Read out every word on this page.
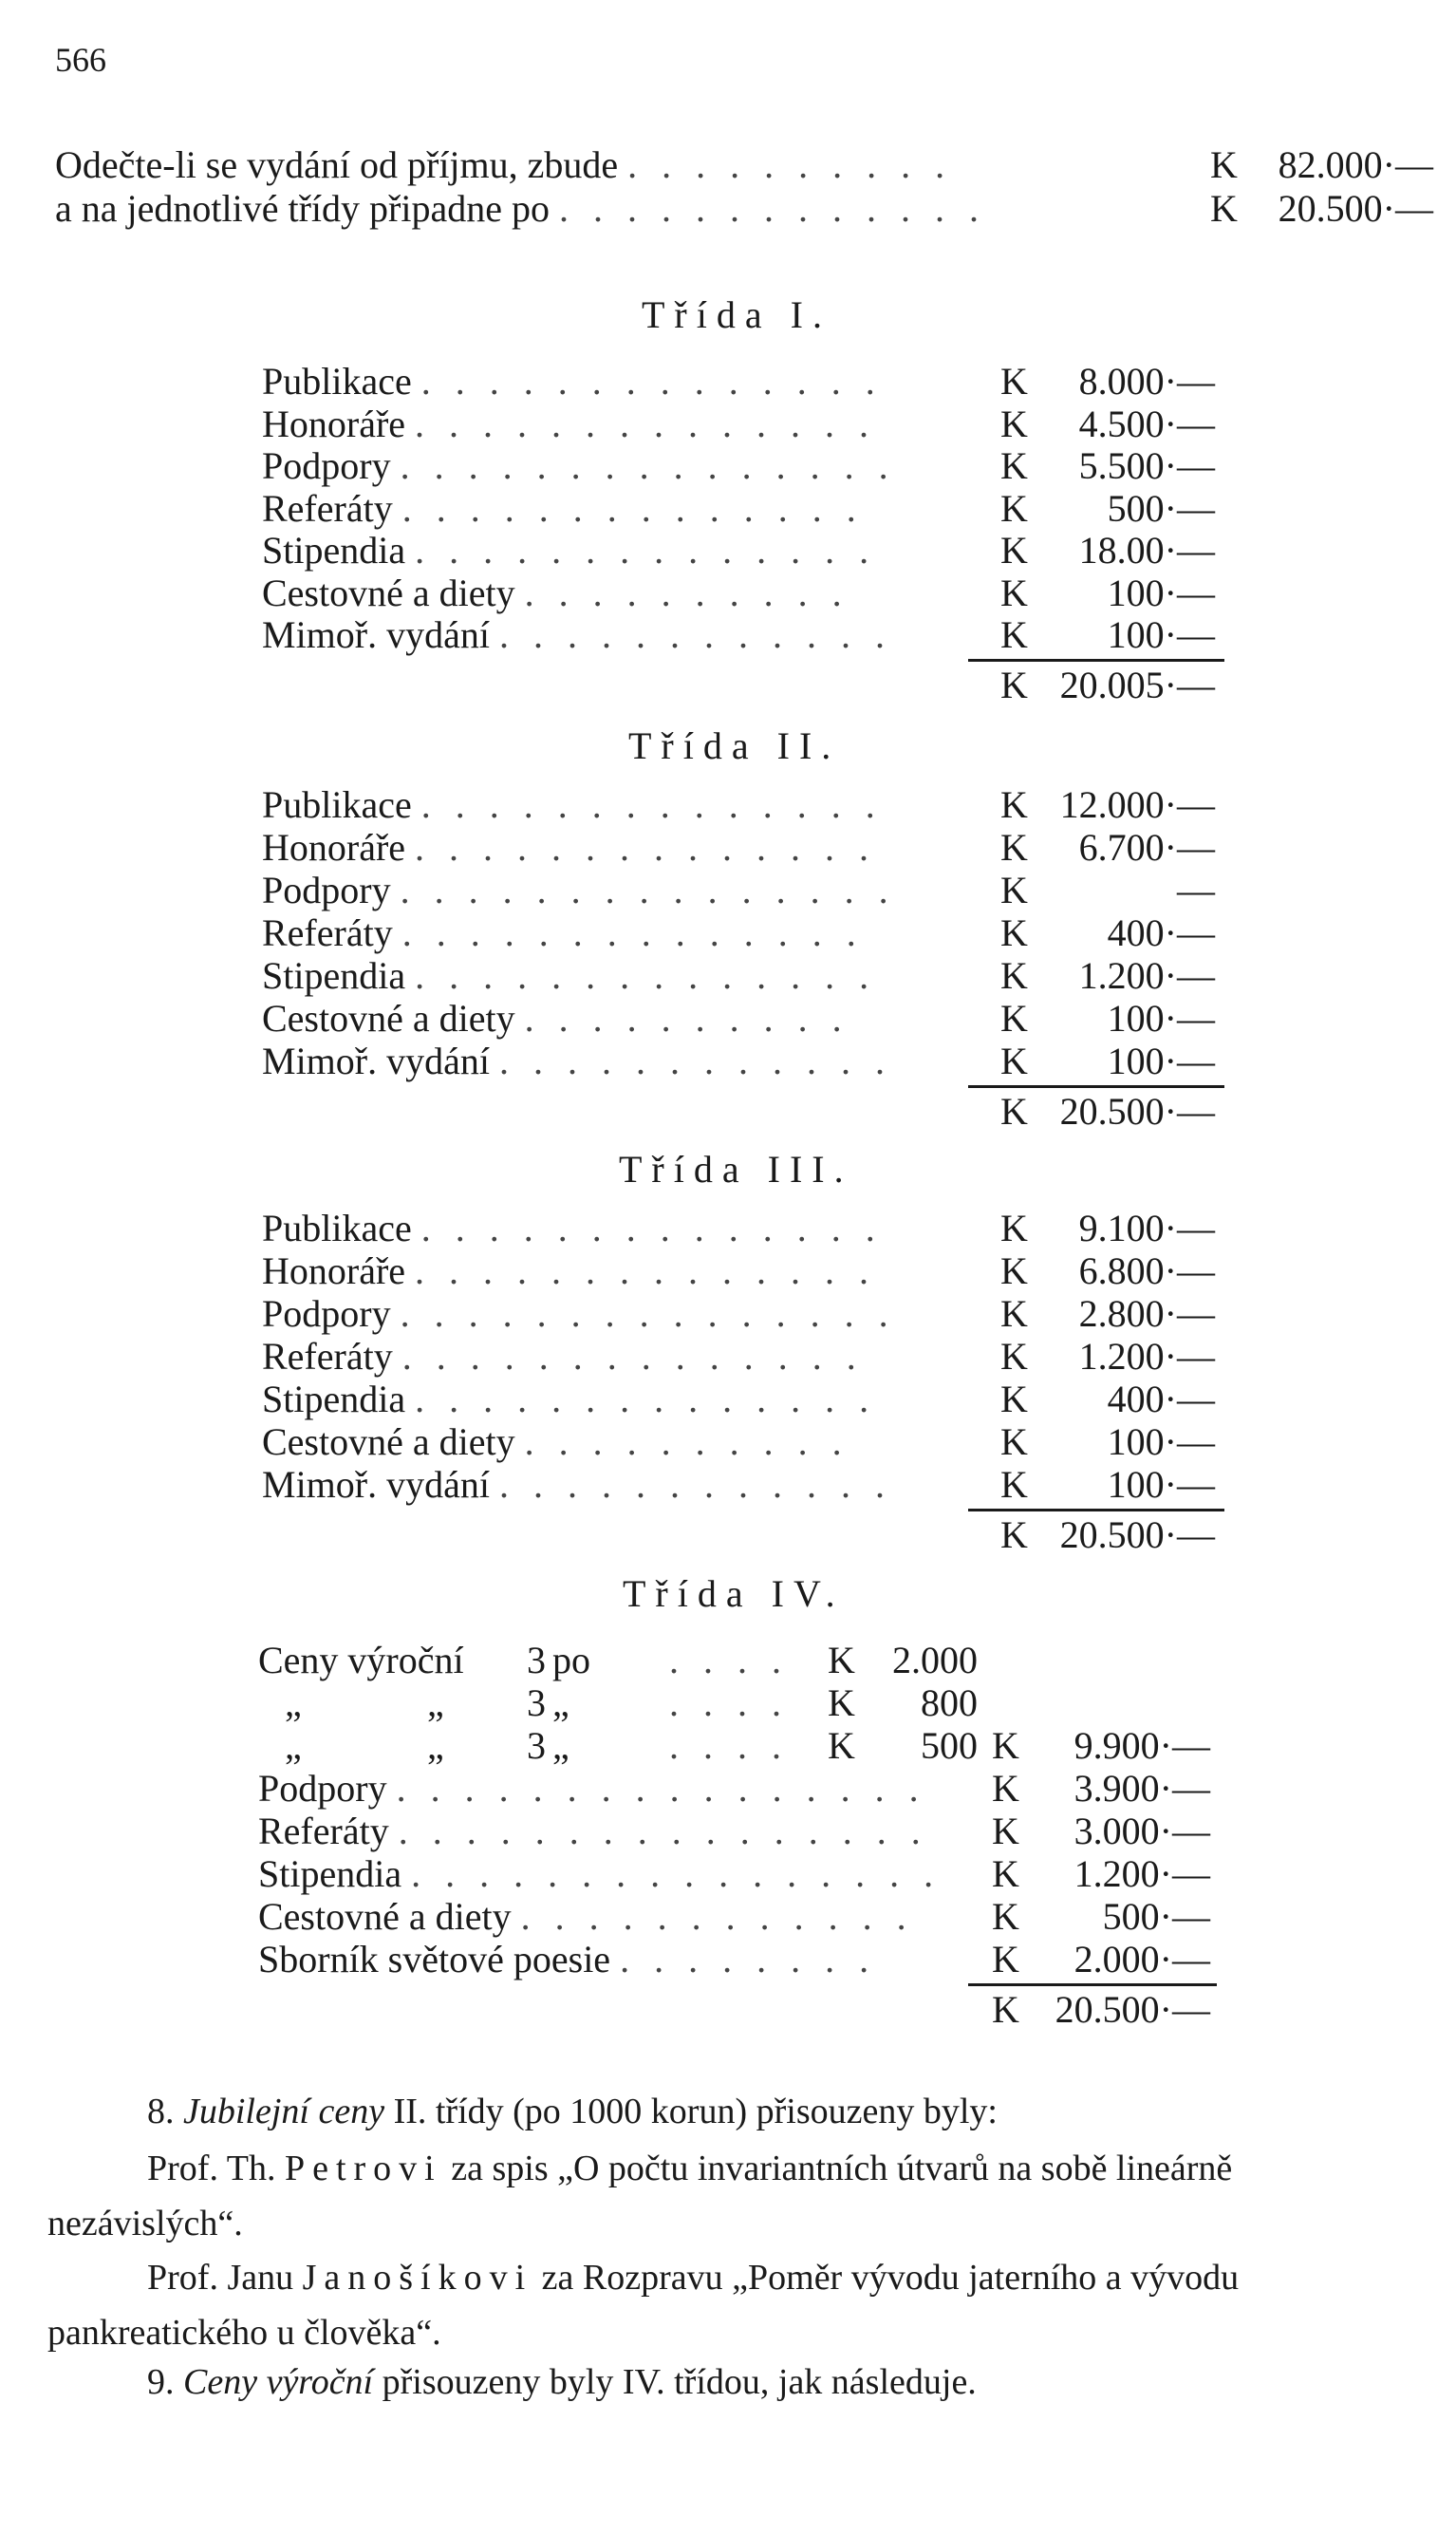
566
Odečte-li se vydání od příjmu, zbude . . . . . . . . . .	K	82.000·—
a na jednotlivé třídy připadne po . . . . . . . . . . . . .	K	20.500·—
Třída I.
Publikace . . . . . . . . . . . . . .	K	8.000·—
Honoráře . . . . . . . . . . . . . .	K	4.500·—
Podpory . . . . . . . . . . . . . . .	K	5.500·—
Referáty . . . . . . . . . . . . . .	K	500·—
Stipendia . . . . . . . . . . . . . .	K	18.00·—
Cestovné a diety . . . . . . . . . .	K	100·—
Mimoř. vydání . . . . . . . . . . . .	K	100·—
K 20.005·—
Třída II.
Publikace . . . . . . . . . . . . . .	K 12.000·—
Honoráře . . . . . . . . . . . . . .	K	6.700·—
Podpory . . . . . . . . . . . . . . .	K	—
Referáty . . . . . . . . . . . . . .	K	400·—
Stipendia . . . . . . . . . . . . . .	K	1.200·—
Cestovné a diety . . . . . . . . . .	K	100·—
Mimoř. vydání . . . . . . . . . . . .	K	100·—
K 20.500·—
Třída III.
Publikace . . . . . . . . . . . . . .	K	9.100·—
Honoráře . . . . . . . . . . . . . .	K	6.800·—
Podpory . . . . . . . . . . . . . . .	K	2.800·—
Referáty . . . . . . . . . . . . . .	K	1.200·—
Stipendia . . . . . . . . . . . . . .	K	400·—
Cestovné a diety . . . . . . . . . .	K	100·—
Mimoř. vydání . . . . . . . . . . . .	K	100·—
K 20.500·—
Třída IV.
Ceny výroční 3 po . . . . K 2.000
„	„ 3 „	. . . . K	800
„	„ 3 „	. . . . K	500 K	9.900·—
Podpory . . . . . . . . . . . . . . . . K	3.900·—
Referáty . . . . . . . . . . . . . . . . K	3.000·—
Stipendia . . . . . . . . . . . . . . . . K	1.200·—
Cestovné a diety . . . . . . . . . . . . K	500·—
Sborník světové poesie . . . . . . . .	K	2.000·—
K 20.500·—
8. Jubilejní ceny II. třídy (po 1000 korun) přisouzeny byly:
Prof. Th. Petrovi za spis „O počtu invariantních útvarů na sobě lineárně nezávislých“.
Prof. Janu Janošíkovi za Rozpravu „Poměr vývodu jaterního a vývodu pankreatického u člověka“.
9. Ceny výroční přisouzeny byly IV. třídou, jak následuje.
